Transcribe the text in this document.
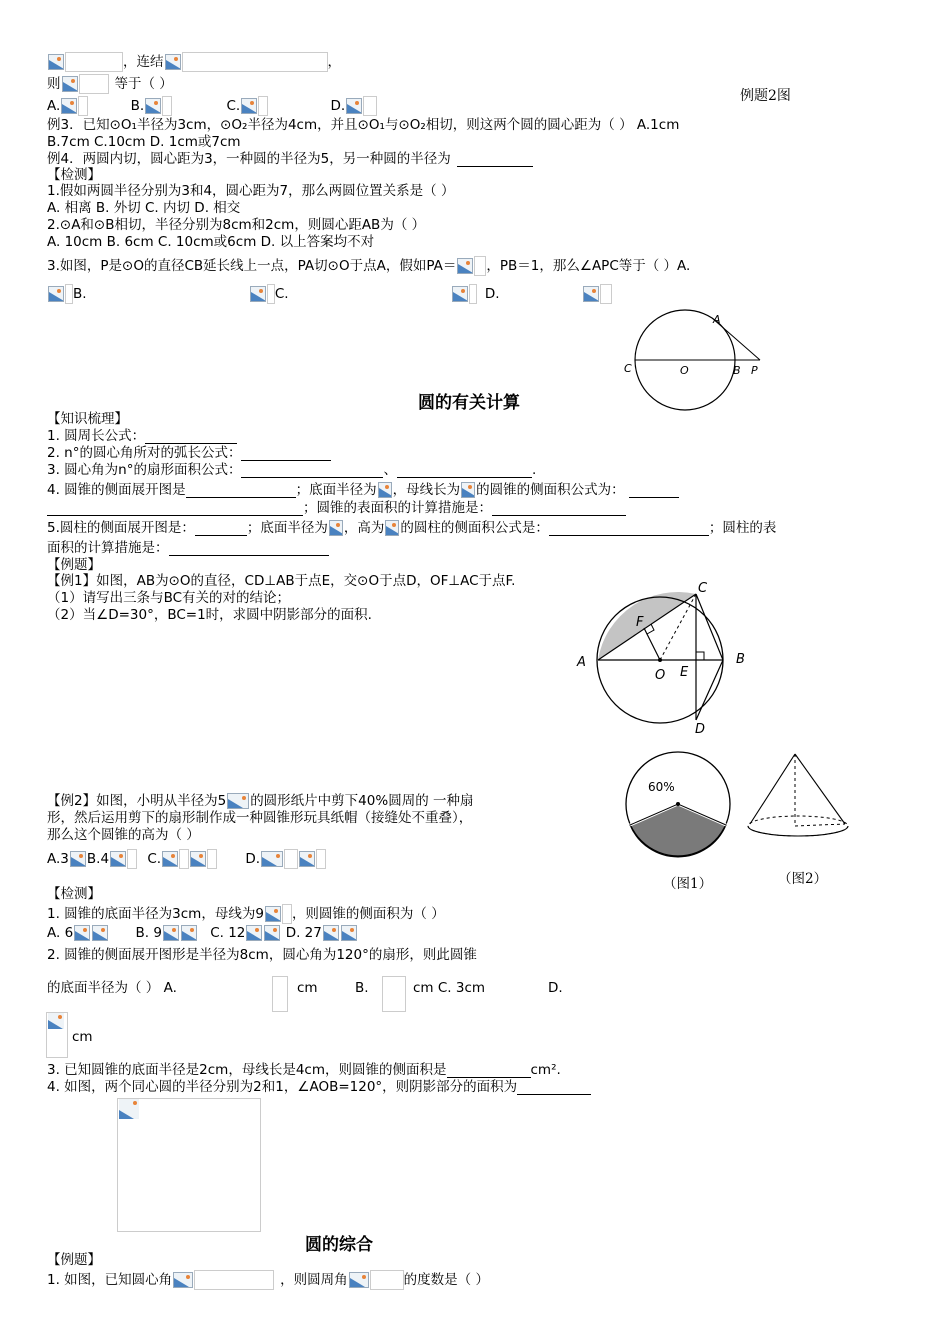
，连结	，
则	等于（ ）
A.	B.	C.	D.
例题2图
例3．已知⊙O₁半径为3cm，⊙O₂半径为4cm，并且⊙O₁与⊙O₂相切，则这两个圆的圆心距为（ ） A.1cm
B.7cm C.10cm D. 1cm或7cm
例4．两圆内切，圆心距为3，一种圆的半径为5，另一种圆的半径为
【检测】
1.假如两圆半径分别为3和4，圆心距为7，那么两圆位置关系是（ ）
A. 相离 B. 外切 C. 内切 D. 相交
2.⊙A和⊙B相切，半径分别为8cm和2cm，则圆心距AB为（ ）
A. 10cm B. 6cm C. 10cm或6cm D. 以上答案均不对
3.如图，P是⊙O的直径CB延长线上一点，PA切⊙O于点A，假如PA＝ ，PB＝1，那么∠APC等于（ ）A.
B.	C.	D.
A
C	O	B P
圆的有关计算
【知识梳理】
1. 圆周长公式：
2. n°的圆心角所对的弧长公式：
3. 圆心角为n°的扇形面积公式：	、	.
4. 圆锥的侧面展开图是	；底面半径为 ，母线长为 的圆锥的侧面积公式为：
；圆锥的表面积的计算措施是：
5.圆柱的侧面展开图是：	；底面半径为 ，高为 的圆柱的侧面积公式是：	；圆柱的表
面积的计算措施是：
【例题】
【例1】如图，AB为⊙O的直径，CD⊥AB于点E，交⊙O于点D，OF⊥AC于点F.
（1）请写出三条与BC有关的对的结论；
（2）当∠D=30°，BC=1时，求圆中阴影部分的面积.
C
F
A	B
O E
D
【例2】如图，小明从半径为5 的圆形纸片中剪下40%圆周的 一种扇
形，然后运用剪下的扇形制作成一种圆锥形玩具纸帽（接缝处不重叠），
那么这个圆锥的高为（ ）
A.3 B.4	C.	D.
60%
（图1）	（图2）
【检测】
1. 圆锥的底面半径为3cm，母线为9 ，则圆锥的侧面积为（ ）
A. 6	B. 9	C. 12	D. 27
2. 圆锥的侧面展开图形是半径为8cm，圆心角为120°的扇形，则此圆锥
的底面半径为（ ） A.	cm	B.	cm C. 3cm	D.
cm
3. 已知圆锥的底面半径是2cm，母线长是4cm，则圆锥的侧面积是	cm².
4. 如图，两个同心圆的半径分别为2和1，∠AOB=120°，则阴影部分的面积为
圆的综合
【例题】
1. 如图，已知圆心角	，则圆周角	的度数是（ ）
